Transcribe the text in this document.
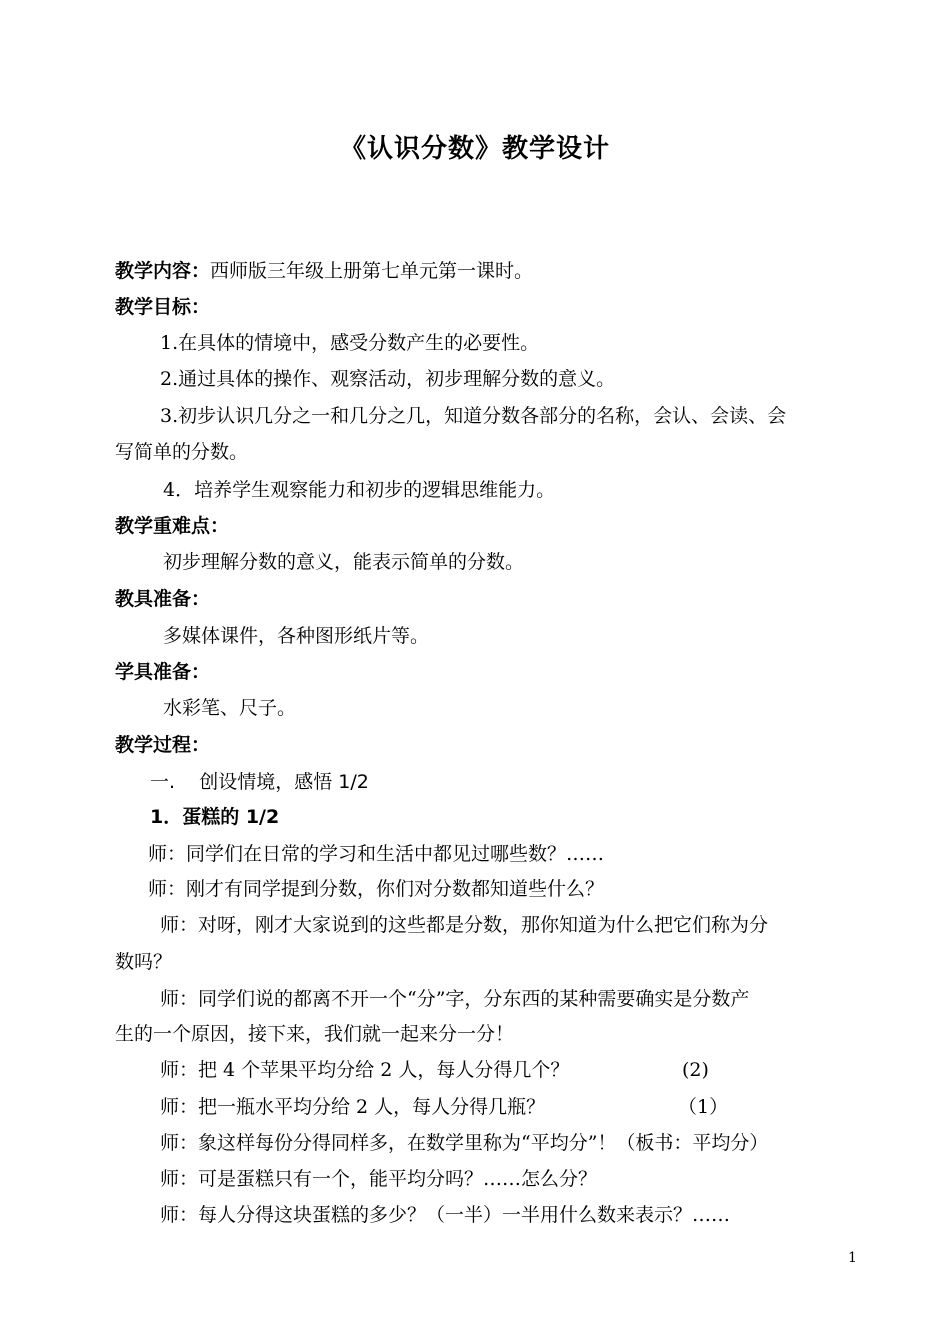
《认识分数》教学设计
教学内容：西师版三年级上册第七单元第一课时。
教学目标：
1.在具体的情境中，感受分数产生的必要性。
2.通过具体的操作、观察活动，初步理解分数的意义。
3.初步认识几分之一和几分之几，知道分数各部分的名称，会认、会读、会
写简单的分数。
4．培养学生观察能力和初步的逻辑思维能力。
教学重难点：
初步理解分数的意义，能表示简单的分数。
教具准备：
多媒体课件，各种图形纸片等。
学具准备：
水彩笔、尺子。
教学过程：
一.    创设情境，感悟 1/2
1．蛋糕的 1/2
师：同学们在日常的学习和生活中都见过哪些数？……
师：刚才有同学提到分数，你们对分数都知道些什么？
师：对呀，刚才大家说到的这些都是分数，那你知道为什么把它们称为分
数吗？
师：同学们说的都离不开一个“分”字，分东西的某种需要确实是分数产
生的一个原因，接下来，我们就一起来分一分！
师：把 4 个苹果平均分给 2 人，每人分得几个？	(2)
师：把一瓶水平均分给 2 人，每人分得几瓶？	（1）
师：象这样每份分得同样多，在数学里称为“平均分”！（板书：平均分）
师：可是蛋糕只有一个，能平均分吗？……怎么分？
师：每人分得这块蛋糕的多少？（一半）一半用什么数来表示？……
1
